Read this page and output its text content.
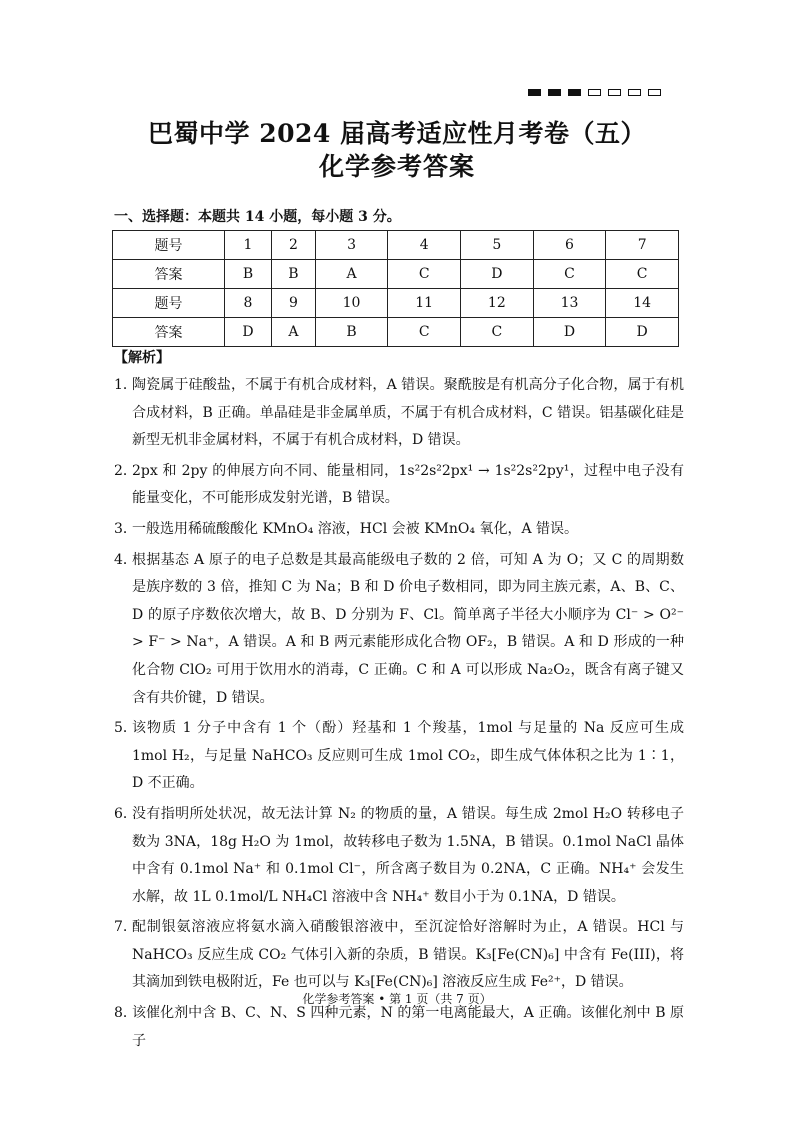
巴蜀中学 2024 届高考适应性月考卷（五）
化学参考答案
一、选择题：本题共 14 小题，每小题 3 分。
题号	1	2	3	4	5	6	7
答案	B	B	A	C	D	C	C
题号	8	9	10	11	12	13	14
答案	D	A	B	C	C	D	D
【解析】
1．
陶瓷属于硅酸盐，不属于有机合成材料，A 错误。聚酰胺是有机高分子化合物，属于有机合成材料，B 正确。单晶硅是非金属单质，不属于有机合成材料，C 错误。铝基碳化硅是新型无机非金属材料，不属于有机合成材料，D 错误。
2．
2px 和 2py 的伸展方向不同、能量相同，1s²2s²2px¹ → 1s²2s²2py¹，过程中电子没有能量变化，不可能形成发射光谱，B 错误。
3．
一般选用稀硫酸酸化 KMnO₄ 溶液，HCl 会被 KMnO₄ 氧化，A 错误。
4．
根据基态 A 原子的电子总数是其最高能级电子数的 2 倍，可知 A 为 O；又 C 的周期数是族序数的 3 倍，推知 C 为 Na；B 和 D 价电子数相同，即为同主族元素，A、B、C、D 的原子序数依次增大，故 B、D 分别为 F、Cl。简单离子半径大小顺序为 Cl⁻ > O²⁻ > F⁻ > Na⁺，A 错误。A 和 B 两元素能形成化合物 OF₂，B 错误。A 和 D 形成的一种化合物 ClO₂ 可用于饮用水的消毒，C 正确。C 和 A 可以形成 Na₂O₂，既含有离子键又含有共价键，D 错误。
5．
该物质 1 分子中含有 1 个（酚）羟基和 1 个羧基，1mol 与足量的 Na 反应可生成 1mol H₂，与足量 NaHCO₃ 反应则可生成 1mol CO₂，即生成气体体积之比为 1∶1，D 不正确。
6．
没有指明所处状况，故无法计算 N₂ 的物质的量，A 错误。每生成 2mol H₂O 转移电子数为 3NA，18g H₂O 为 1mol，故转移电子数为 1.5NA，B 错误。0.1mol NaCl 晶体中含有 0.1mol Na⁺ 和 0.1mol Cl⁻，所含离子数目为 0.2NA，C 正确。NH₄⁺ 会发生水解，故 1L 0.1mol/L NH₄Cl 溶液中含 NH₄⁺ 数目小于为 0.1NA，D 错误。
7. 配制银氨溶液应将氨水滴入硝酸银溶液中，至沉淀恰好溶解时为止，A 错误。HCl 与 NaHCO₃ 反应生成 CO₂ 气体引入新的杂质，B 错误。K₃[Fe(CN)₆] 中含有 Fe(III)，将其滴加到铁电极附近，Fe 也可以与 K₃[Fe(CN)₆] 溶液反应生成 Fe²⁺，D 错误。
8．
该催化剂中含 B、C、N、S 四种元素，N 的第一电离能最大，A 正确。该催化剂中 B 原子
化学参考答案 • 第 1 页（共 7 页）
